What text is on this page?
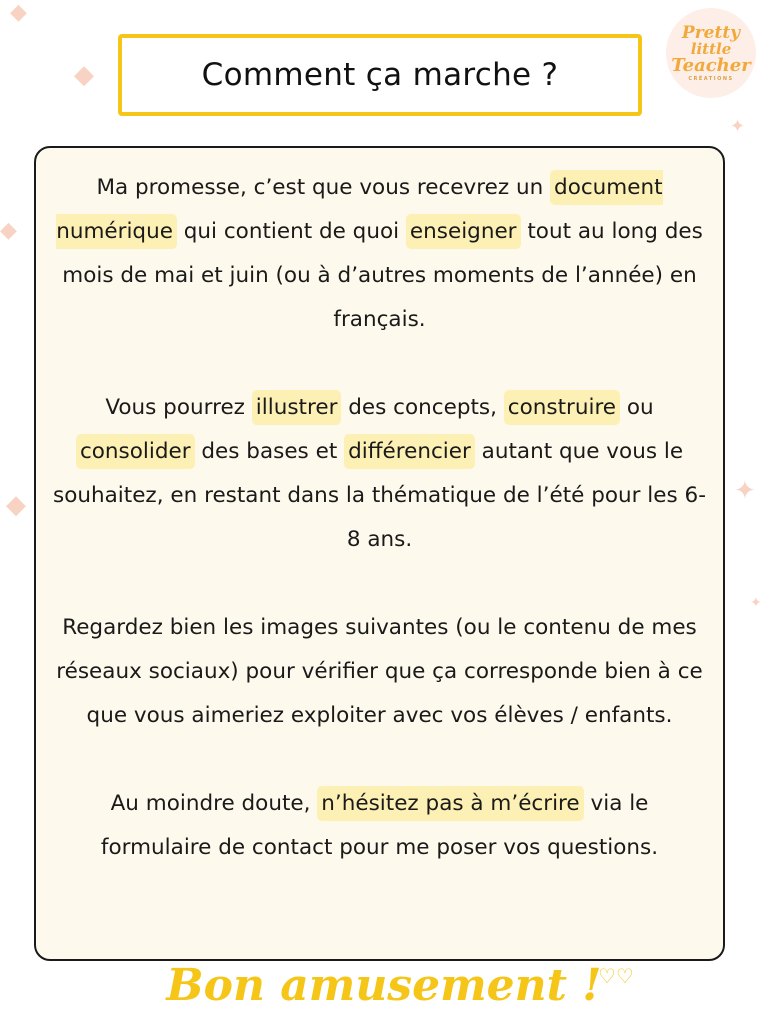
◆
◆
◆
◆	✦
✦
✦
Comment ça marche ?
Pretty
little
Teacher
CRÉATIONS

Ma promesse, c’est que vous recevrez un document numérique qui contient de quoi enseigner tout au long des mois de mai et juin (ou à d’autres moments de l’année) en français.

Vous pourrez illustrer des concepts, construire ou consolider des bases et différencier autant que vous le souhaitez, en restant dans la thématique de l’été pour les 6-8 ans.

Regardez bien les images suivantes (ou le contenu de mes réseaux sociaux) pour vérifier que ça corresponde bien à ce que vous aimeriez exploiter avec vos élèves / enfants.

Au moindre doute, n’hésitez pas à m’écrire via le formulaire de contact pour me poser vos questions.

Bon amusement !
♡♡
